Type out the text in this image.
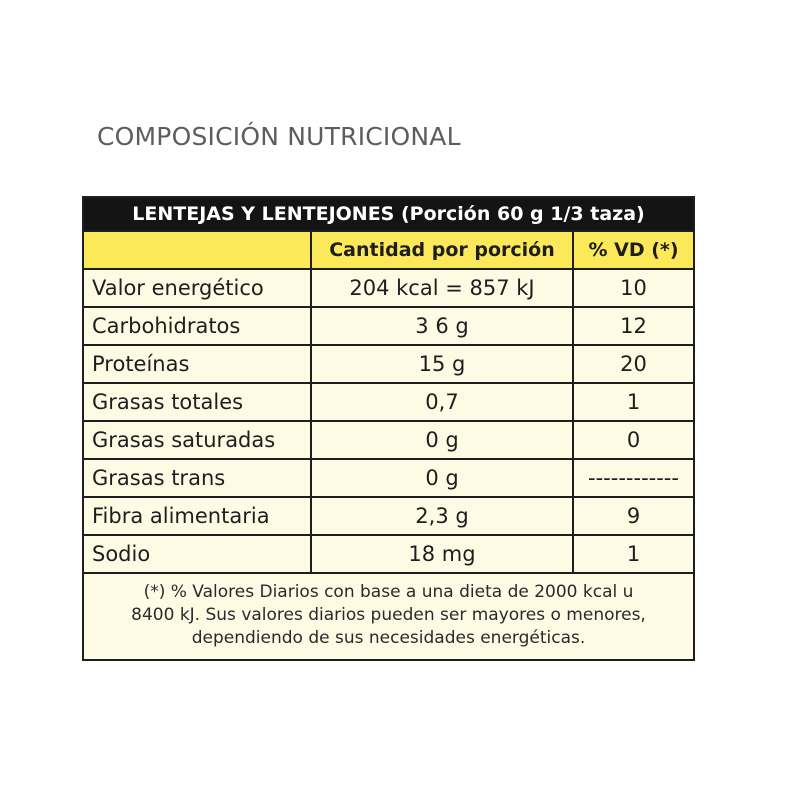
COMPOSICIÓN NUTRICIONAL
LENTEJAS Y LENTEJONES (Porción 60 g 1/3 taza)		
	Cantidad por porción	% VD (*)
Valor energético	204 kcal = 857 kJ	10
Carbohidratos	3 6 g	12
Proteínas	15 g	20
Grasas totales	0,7	1
Grasas saturadas	0 g	0
Grasas trans	0 g	------------
Fibra alimentaria	2,3 g	9
Sodio	18 mg	1
(*) % Valores Diarios con base a una dieta de 2000 kcal u
8400 kJ. Sus valores diarios pueden ser mayores o menores,
dependiendo de sus necesidades energéticas.
